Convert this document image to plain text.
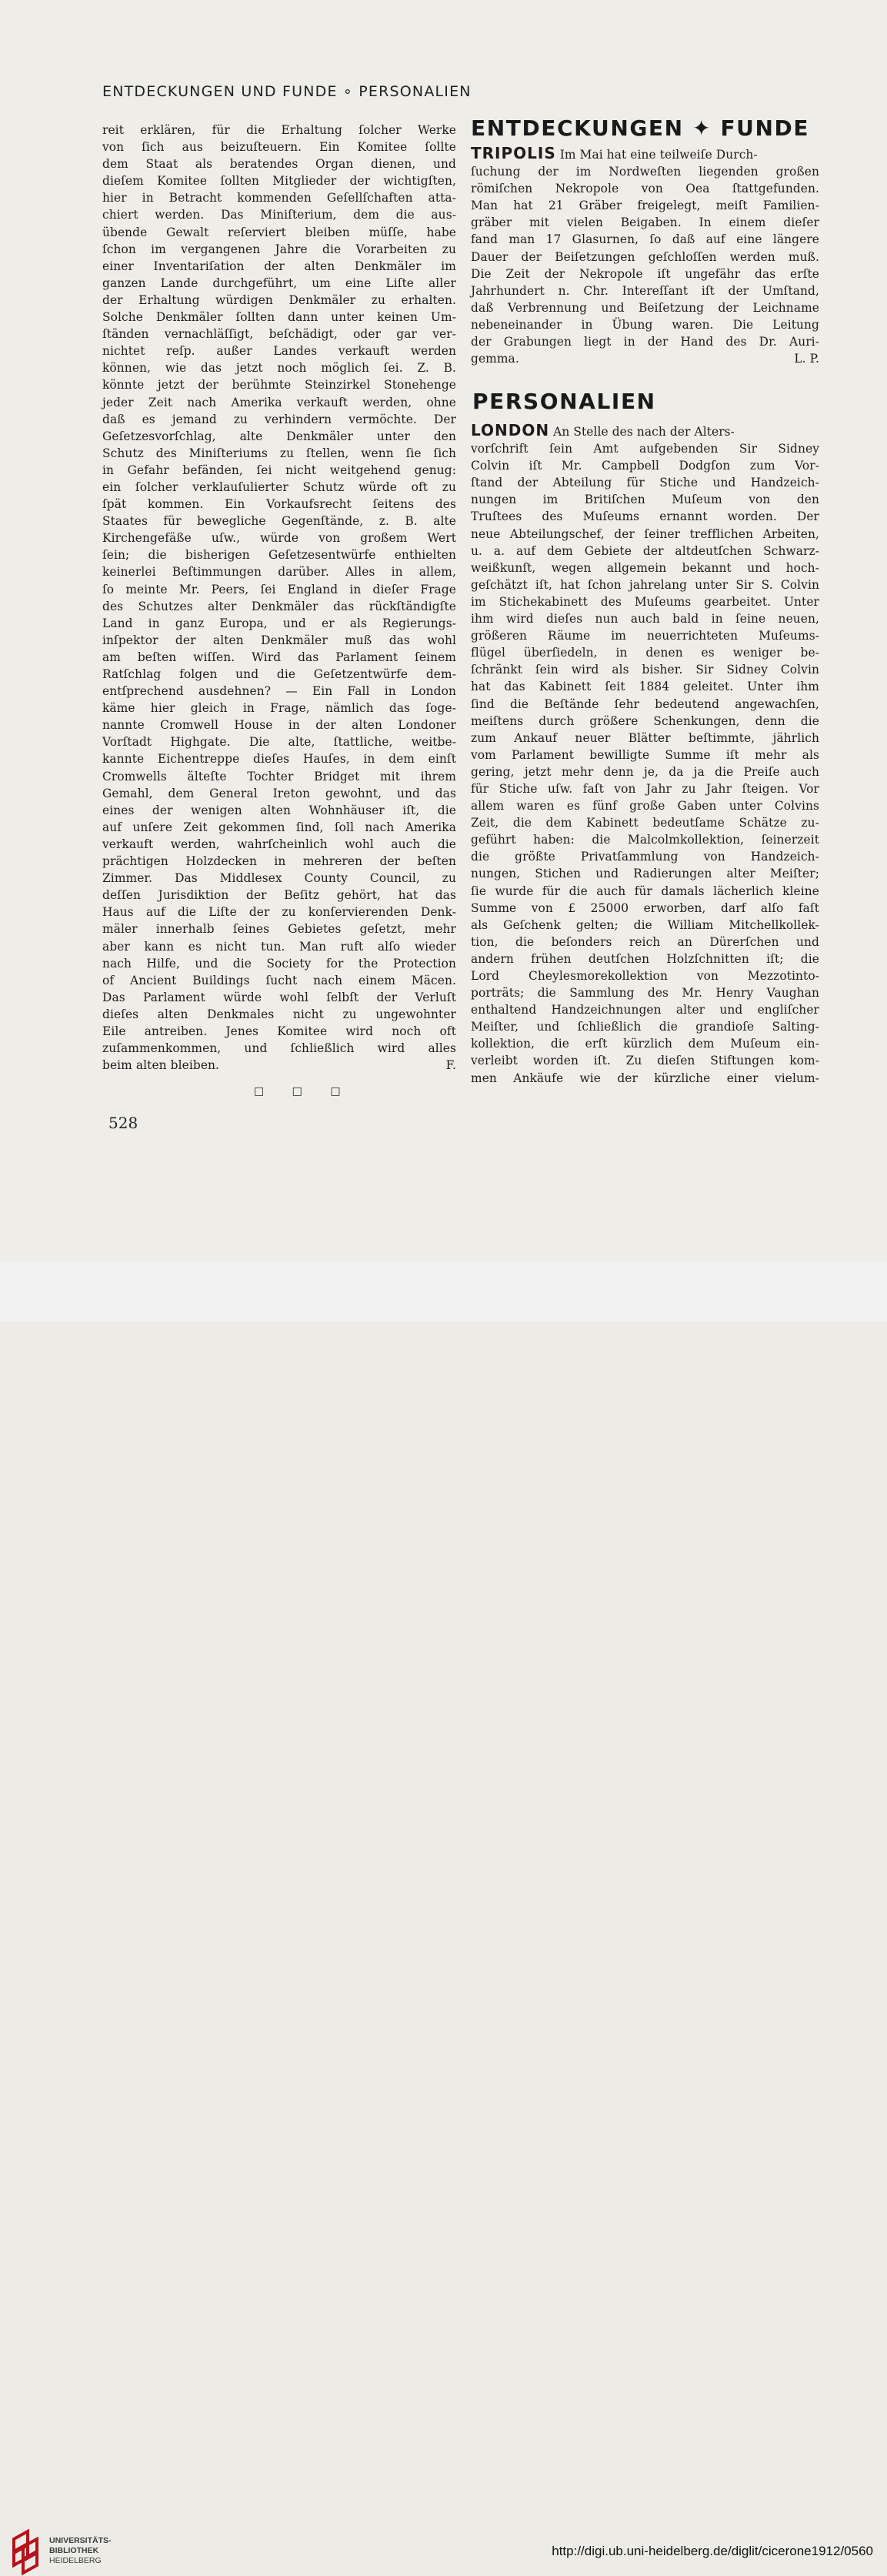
ENTDECKUNGEN UND FUNDE ∘ PERSONALIEN
reit erklären, für die Erhaltung ſolcher Werke
von ſich aus beizuſteuern. Ein Komitee ſollte
dem Staat als beratendes Organ dienen, und
dieſem Komitee ſollten Mitglieder der wichtigſten,
hier in Betracht kommenden Geſellſchaften atta-
chiert werden. Das Miniſterium, dem die aus-
übende Gewalt reſerviert bleiben müſſe, habe
ſchon im vergangenen Jahre die Vorarbeiten zu
einer Inventariſation der alten Denkmäler im
ganzen Lande durchgeführt, um eine Liſte aller
der Erhaltung würdigen Denkmäler zu erhalten.
Solche Denkmäler ſollten dann unter keinen Um-
ſtänden vernachläſſigt, beſchädigt, oder gar ver-
nichtet reſp. außer Landes verkauft werden
können, wie das jetzt noch möglich ſei. Z. B.
könnte jetzt der berühmte Steinzirkel Stonehenge
jeder Zeit nach Amerika verkauft werden, ohne
daß es jemand zu verhindern vermöchte. Der
Geſetzesvorſchlag, alte Denkmäler unter den
Schutz des Miniſteriums zu ſtellen, wenn ſie ſich
in Gefahr befänden, ſei nicht weitgehend genug:
ein ſolcher verklauſulierter Schutz würde oft zu
ſpät kommen. Ein Vorkaufsrecht ſeitens des
Staates für bewegliche Gegenſtände, z. B. alte
Kirchengefäße uſw., würde von großem Wert
ſein; die bisherigen Geſetzesentwürfe enthielten
keinerlei Beſtimmungen darüber. Alles in allem,
ſo meinte Mr. Peers, ſei England in dieſer Frage
des Schutzes alter Denkmäler das rückſtändigſte
Land in ganz Europa, und er als Regierungs-
inſpektor der alten Denkmäler muß das wohl
am beſten wiſſen. Wird das Parlament ſeinem
Ratſchlag folgen und die Geſetzentwürfe dem-
entſprechend ausdehnen? — Ein Fall in London
käme hier gleich in Frage, nämlich das ſoge-
nannte Cromwell House in der alten Londoner
Vorſtadt Highgate. Die alte, ſtattliche, weitbe-
kannte Eichentreppe dieſes Hauſes, in dem einſt
Cromwells älteſte Tochter Bridget mit ihrem
Gemahl, dem General Ireton gewohnt, und das
eines der wenigen alten Wohnhäuser iſt, die
auf unſere Zeit gekommen ſind, ſoll nach Amerika
verkauft werden, wahrſcheinlich wohl auch die
prächtigen Holzdecken in mehreren der beſten
Zimmer. Das Middlesex County Council, zu
deſſen Jurisdiktion der Beſitz gehört, hat das
Haus auf die Liſte der zu konſervierenden Denk-
mäler innerhalb ſeines Gebietes geſetzt, mehr
aber kann es nicht tun. Man ruft alſo wieder
nach Hilfe, und die Society for the Protection
of Ancient Buildings ſucht nach einem Mäcen.
Das Parlament würde wohl ſelbſt der Verluſt
dieſes alten Denkmales nicht zu ungewohnter
Eile antreiben. Jenes Komitee wird noch oft
zuſammenkommen, und ſchließlich wird alles
beim alten bleiben.	F.
□ □ □
ENTDECKUNGEN ✦ FUNDE
TRIPOLIS Im Mai hat eine teilweiſe Durch-
ſuchung der im Nordweſten liegenden großen
römiſchen Nekropole von Oea ſtattgefunden.
Man hat 21 Gräber freigelegt, meiſt Familien-
gräber mit vielen Beigaben. In einem dieſer
fand man 17 Glasurnen, ſo daß auf eine längere
Dauer der Beiſetzungen geſchloſſen werden muß.
Die Zeit der Nekropole iſt ungefähr das erſte
Jahrhundert n. Chr. Intereſſant iſt der Umſtand,
daß Verbrennung und Beiſetzung der Leichname
nebeneinander in Übung waren. Die Leitung
der Grabungen liegt in der Hand des Dr. Auri-
gemma.	L. P.
PERSONALIEN
LONDON An Stelle des nach der Alters-
vorſchrift ſein Amt aufgebenden Sir Sidney
Colvin iſt Mr. Campbell Dodgſon zum Vor-
ſtand der Abteilung für Stiche und Handzeich-
nungen im Britiſchen Muſeum von den
Truſtees des Muſeums ernannt worden. Der
neue Abteilungschef, der ſeiner trefflichen Arbeiten,
u. a. auf dem Gebiete der altdeutſchen Schwarz-
weißkunſt, wegen allgemein bekannt und hoch-
geſchätzt iſt, hat ſchon jahrelang unter Sir S. Colvin
im Stichekabinett des Muſeums gearbeitet. Unter
ihm wird dieſes nun auch bald in ſeine neuen,
größeren Räume im neuerrichteten Muſeums-
flügel überſiedeln, in denen es weniger be-
ſchränkt ſein wird als bisher. Sir Sidney Colvin
hat das Kabinett ſeit 1884 geleitet. Unter ihm
ſind die Beſtände ſehr bedeutend angewachſen,
meiſtens durch größere Schenkungen, denn die
zum Ankauf neuer Blätter beſtimmte, jährlich
vom Parlament bewilligte Summe iſt mehr als
gering, jetzt mehr denn je, da ja die Preiſe auch
für Stiche uſw. faſt von Jahr zu Jahr ſteigen. Vor
allem waren es fünf große Gaben unter Colvins
Zeit, die dem Kabinett bedeutſame Schätze zu-
geführt haben: die Malcolmkollektion, ſeinerzeit
die größte Privatſammlung von Handzeich-
nungen, Stichen und Radierungen alter Meiſter;
ſie wurde für die auch für damals lächerlich kleine
Summe von £ 25000 erworben, darf alſo faſt
als Geſchenk gelten; die William Mitchellkollek-
tion, die beſonders reich an Dürerſchen und
andern frühen deutſchen Holzſchnitten iſt; die
Lord Cheylesmorekollektion von Mezzotinto-
porträts; die Sammlung des Mr. Henry Vaughan
enthaltend Handzeichnungen alter und engliſcher
Meiſter, und ſchließlich die grandioſe Salting-
kollektion, die erſt kürzlich dem Muſeum ein-
verleibt worden iſt. Zu dieſen Stiftungen kom-
men Ankäufe wie der kürzliche einer vielum-
528
UNIVERSITÄTS-
BIBLIOTHEK
HEIDELBERG
http://digi.ub.uni-heidelberg.de/diglit/cicerone1912/0560
